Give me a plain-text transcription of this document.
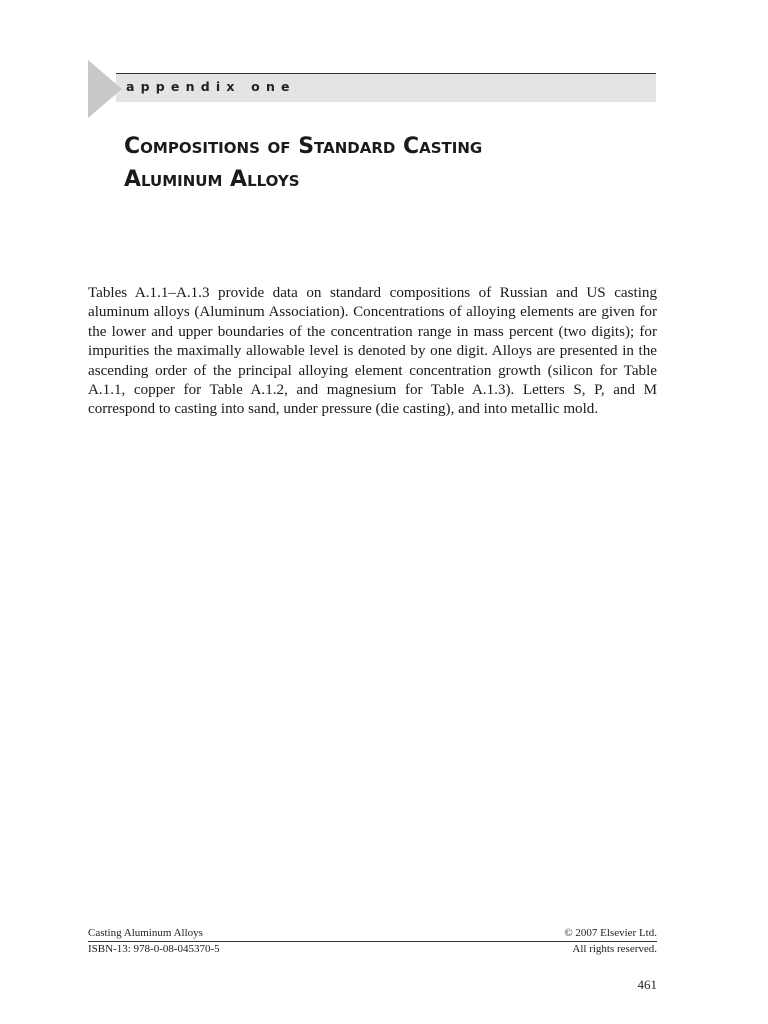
appendix one
Compositions of Standard Casting
Aluminum Alloys

Tables A.1.1–A.1.3 provide data on standard compositions of Russian and US casting aluminum alloys (Aluminum Association). Concentrations of alloying elements are given for the lower and upper boundaries of the concentration range in mass percent (two digits); for impurities the maximally allowable level is denoted by one digit. Alloys are presented in the ascending order of the principal alloying element concentration growth (silicon for Table A.1.1, copper for Table A.1.2, and magnesium for Table A.1.3). Letters S, P, and M correspond to casting into sand, under pressure (die casting), and into metallic mold.

Casting Aluminum Alloys	© 2007 Elsevier Ltd.
ISBN-13: 978-0-08-045370-5	All rights reserved.
461
